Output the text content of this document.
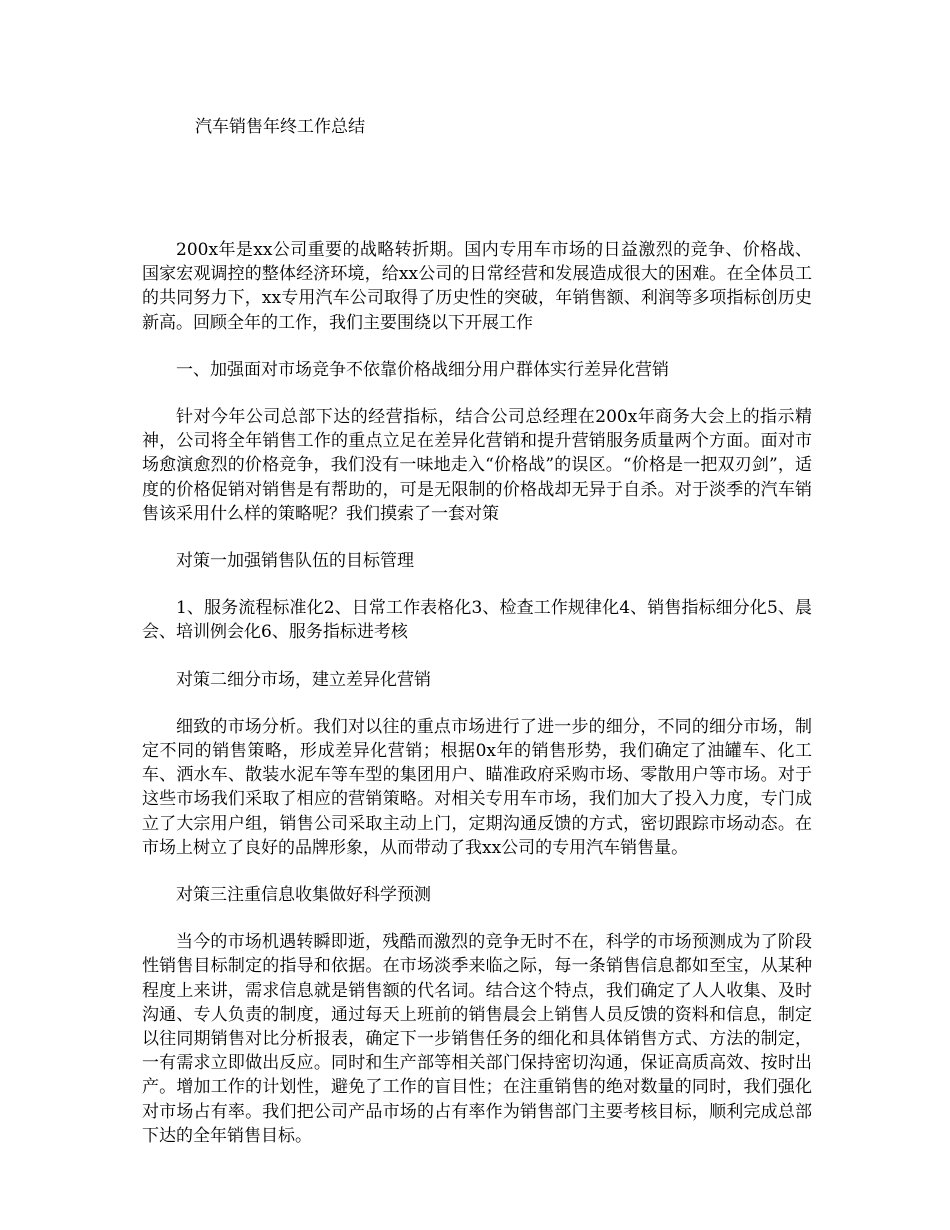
汽车销售年终工作总结

200x年是xx公司重要的战略转折期。国内专用车市场的日益激烈的竞争、价格战、国家宏观调控的整体经济环境，给xx公司的日常经营和发展造成很大的困难。在全体员工的共同努力下，xx专用汽车公司取得了历史性的突破，年销售额、利润等多项指标创历史新高。回顾全年的工作，我们主要围绕以下开展工作

一、加强面对市场竞争不依靠价格战细分用户群体实行差异化营销

针对今年公司总部下达的经营指标，结合公司总经理在200x年商务大会上的指示精神，公司将全年销售工作的重点立足在差异化营销和提升营销服务质量两个方面。面对市场愈演愈烈的价格竞争，我们没有一味地走入“价格战”的误区。“价格是一把双刃剑”，适度的价格促销对销售是有帮助的，可是无限制的价格战却无异于自杀。对于淡季的汽车销售该采用什么样的策略呢？我们摸索了一套对策

对策一加强销售队伍的目标管理

1、服务流程标准化2、日常工作表格化3、检查工作规律化4、销售指标细分化5、晨会、培训例会化6、服务指标进考核

对策二细分市场，建立差异化营销

细致的市场分析。我们对以往的重点市场进行了进一步的细分，不同的细分市场，制定不同的销售策略，形成差异化营销；根据0x年的销售形势，我们确定了油罐车、化工车、洒水车、散装水泥车等车型的集团用户、瞄准政府采购市场、零散用户等市场。对于这些市场我们采取了相应的营销策略。对相关专用车市场，我们加大了投入力度，专门成立了大宗用户组，销售公司采取主动上门，定期沟通反馈的方式，密切跟踪市场动态。在市场上树立了良好的品牌形象，从而带动了我xx公司的专用汽车销售量。

对策三注重信息收集做好科学预测

当今的市场机遇转瞬即逝，残酷而激烈的竞争无时不在，科学的市场预测成为了阶段性销售目标制定的指导和依据。在市场淡季来临之际，每一条销售信息都如至宝，从某种程度上来讲，需求信息就是销售额的代名词。结合这个特点，我们确定了人人收集、及时沟通、专人负责的制度，通过每天上班前的销售晨会上销售人员反馈的资料和信息，制定以往同期销售对比分析报表，确定下一步销售任务的细化和具体销售方式、方法的制定，一有需求立即做出反应。同时和生产部等相关部门保持密切沟通，保证高质高效、按时出产。增加工作的计划性，避免了工作的盲目性；在注重销售的绝对数量的同时，我们强化对市场占有率。我们把公司产品市场的占有率作为销售部门主要考核目标，顺利完成总部下达的全年销售目标。
